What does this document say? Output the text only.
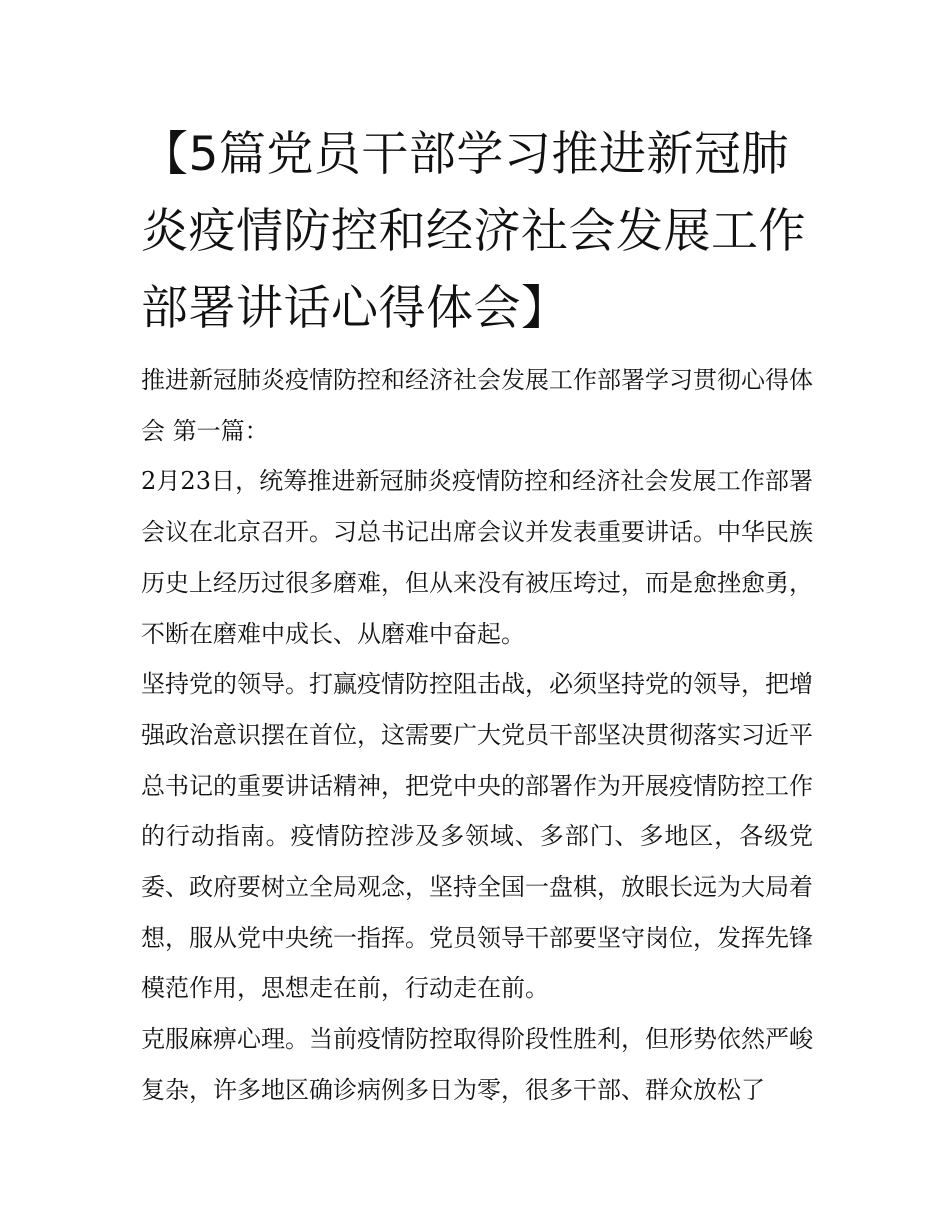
【5篇党员干部学习推进新冠肺炎疫情防控和经济社会发展工作部署讲话心得体会】

推进新冠肺炎疫情防控和经济社会发展工作部署学习贯彻心得体会 第一篇：

2月23日，统筹推进新冠肺炎疫情防控和经济社会发展工作部署会议在北京召开。习总书记出席会议并发表重要讲话。中华民族历史上经历过很多磨难，但从来没有被压垮过，而是愈挫愈勇，不断在磨难中成长、从磨难中奋起。

坚持党的领导。打赢疫情防控阻击战，必须坚持党的领导，把增强政治意识摆在首位，这需要广大党员干部坚决贯彻落实习近平总书记的重要讲话精神，把党中央的部署作为开展疫情防控工作的行动指南。疫情防控涉及多领域、多部门、多地区，各级党委、政府要树立全局观念，坚持全国一盘棋，放眼长远为大局着想，服从党中央统一指挥。党员领导干部要坚守岗位，发挥先锋模范作用，思想走在前，行动走在前。

克服麻痹心理。当前疫情防控取得阶段性胜利，但形势依然严峻复杂，许多地区确诊病例多日为零，很多干部、群众放松了
